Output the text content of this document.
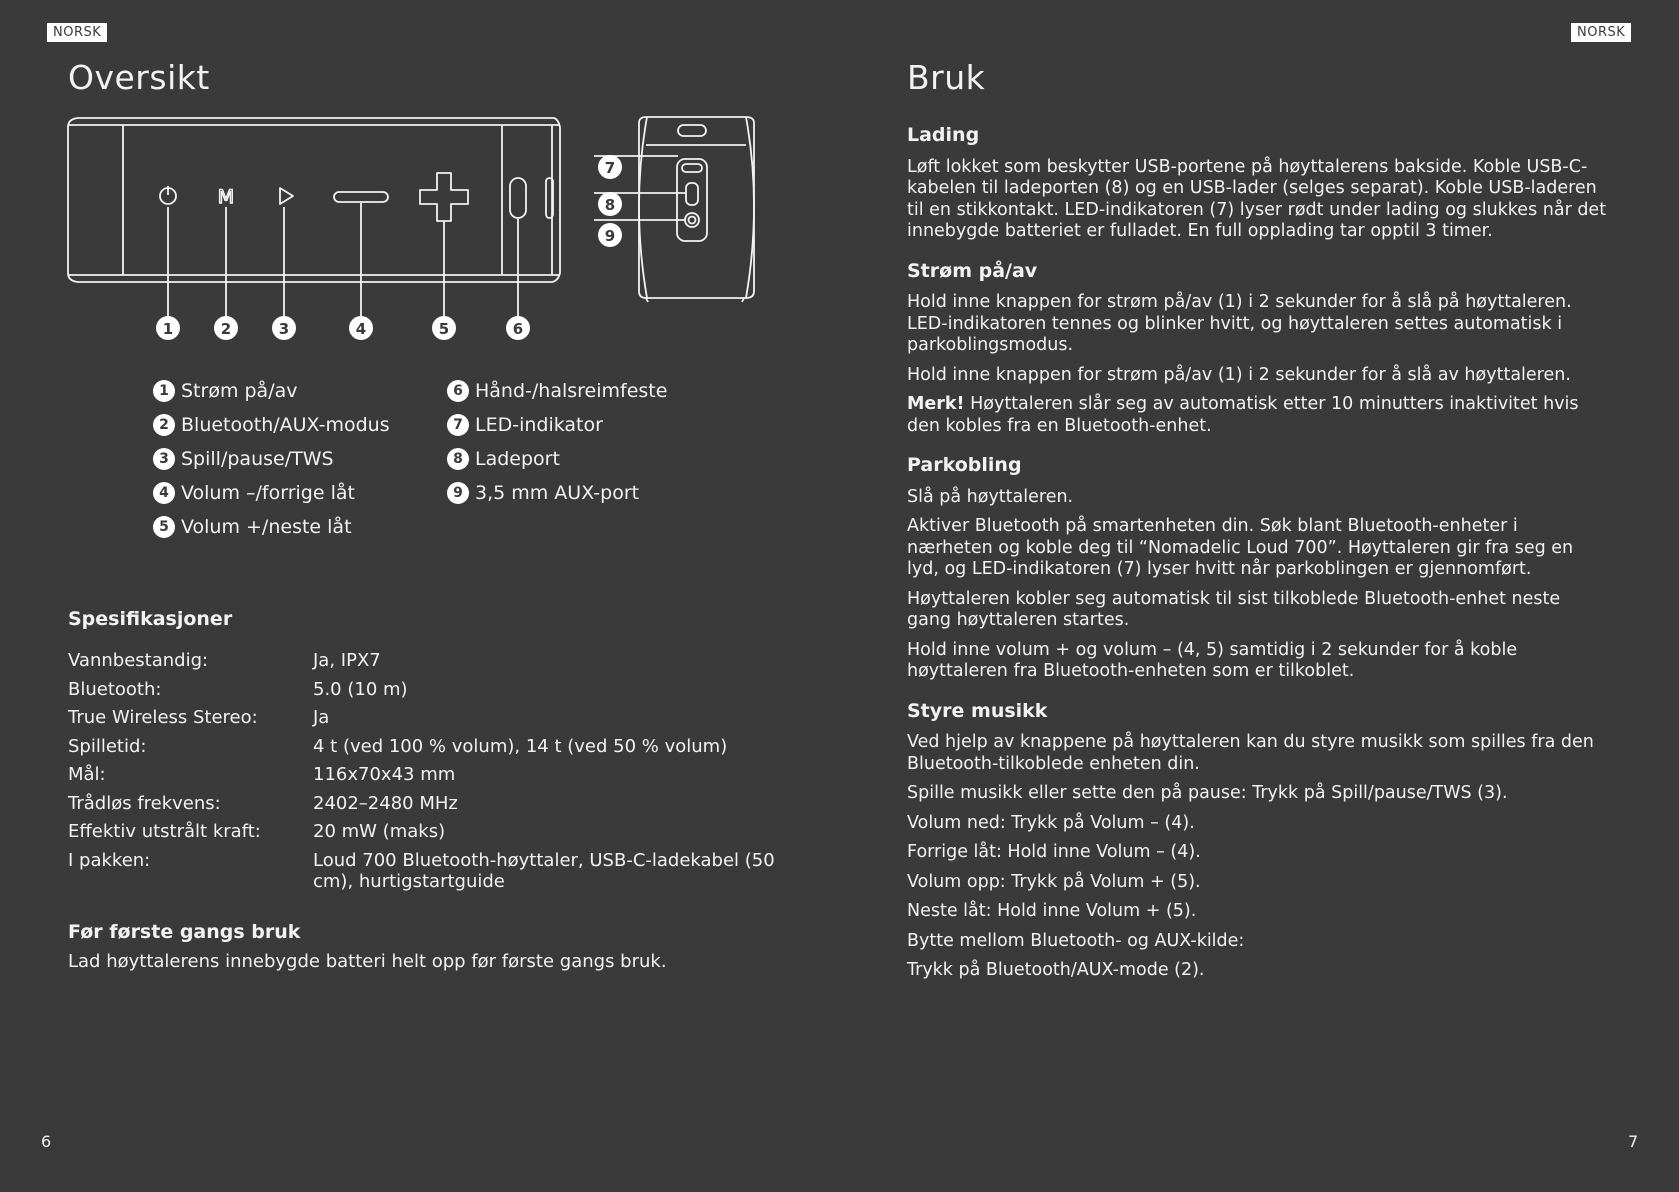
NORSK
Oversikt
M
1	2	3	4	5	6
7
8
9
1 Strøm på/av
2 Bluetooth/AUX-modus
3 Spill/pause/TWS
4 Volum –/forrige låt
5 Volum +/neste låt
6 Hånd-/halsreimfeste
7 LED-indikator
8 Ladeport
9 3,5 mm AUX-port
Spesifikasjoner
Vannbestandig:	Ja, IPX7
Bluetooth:	5.0 (10 m)
True Wireless Stereo:	Ja
Spilletid:	4 t (ved 100 % volum), 14 t (ved 50 % volum)
Mål:	116x70x43 mm
Trådløs frekvens:	2402–2480 MHz
Effektiv utstrålt kraft:	20 mW (maks)
I pakken:	Loud 700 Bluetooth-høyttaler, USB-C-ladekabel (50 cm), hurtigstartguide
Før første gangs bruk
Lad høyttalerens innebygde batteri helt opp før første gangs bruk.
6
NORSK
Bruk
Lading

Løft lokket som beskytter USB-portene på høyttalerens bakside. Koble USB-C-kabelen til ladeporten (8) og en USB-lader (selges separat). Koble USB-laderen til en stikkontakt. LED-indikatoren (7) lyser rødt under lading og slukkes når det innebygde batteriet er fulladet. En full opplading tar opptil 3 timer.

Strøm på/av

Hold inne knappen for strøm på/av (1) i 2 sekunder for å slå på høyttaleren. LED-indikatoren tennes og blinker hvitt, og høyttaleren settes automatisk i parkoblingsmodus.

Hold inne knappen for strøm på/av (1) i 2 sekunder for å slå av høyttaleren.

Merk! Høyttaleren slår seg av automatisk etter 10 minutters inaktivitet hvis den kobles fra en Bluetooth-enhet.

Parkobling

Slå på høyttaleren.

Aktiver Bluetooth på smartenheten din. Søk blant Bluetooth-enheter i nærheten og koble deg til “Nomadelic Loud 700”. Høyttaleren gir fra seg en lyd, og LED-indikatoren (7) lyser hvitt når parkoblingen er gjennomført.

Høyttaleren kobler seg automatisk til sist tilkoblede Bluetooth-enhet neste gang høyttaleren startes.

Hold inne volum + og volum – (4, 5) samtidig i 2 sekunder for å koble høyttaleren fra Bluetooth-enheten som er tilkoblet.

Styre musikk

Ved hjelp av knappene på høyttaleren kan du styre musikk som spilles fra den Bluetooth-tilkoblede enheten din.

Spille musikk eller sette den på pause: Trykk på Spill/pause/TWS (3).

Volum ned: Trykk på Volum – (4).

Forrige låt: Hold inne Volum – (4).

Volum opp: Trykk på Volum + (5).

Neste låt: Hold inne Volum + (5).

Bytte mellom Bluetooth- og AUX-kilde:

Trykk på Bluetooth/AUX-mode (2).

7
